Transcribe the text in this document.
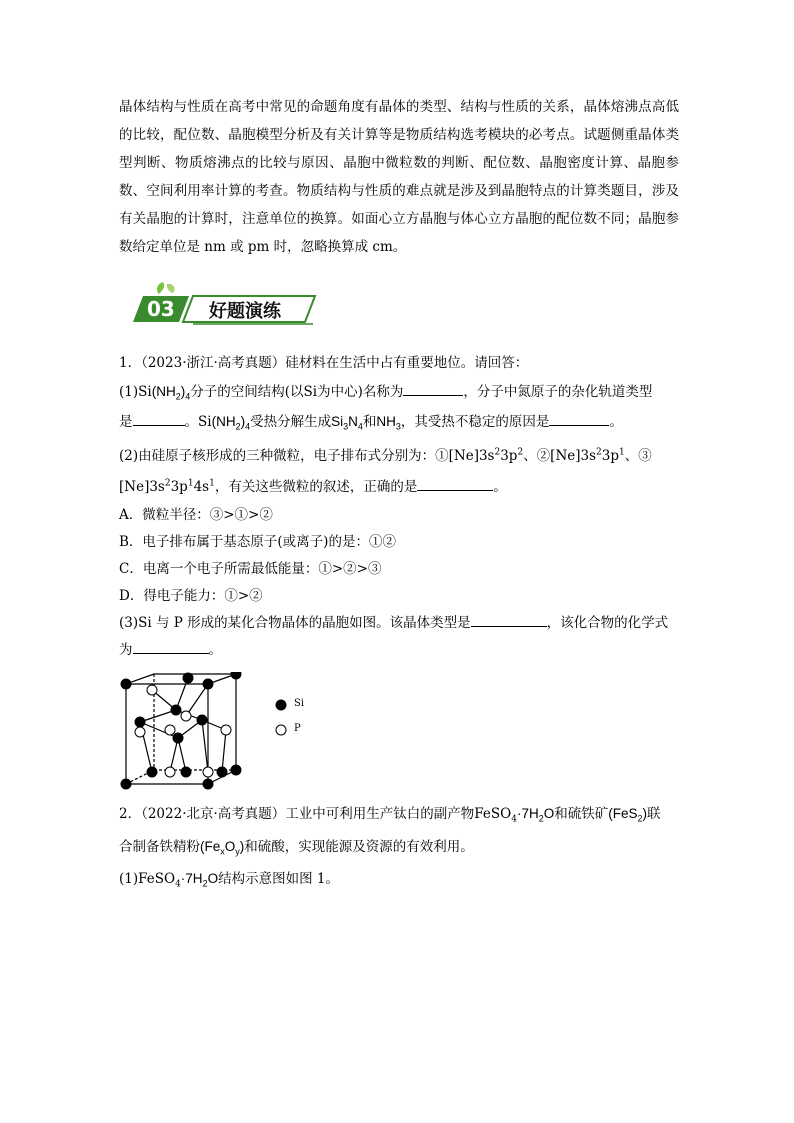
晶体结构与性质在高考中常见的命题角度有晶体的类型、结构与性质的关系，晶体熔沸点高低的比较，配位数、晶胞模型分析及有关计算等是物质结构选考模块的必考点。试题侧重晶体类型判断、物质熔沸点的比较与原因、晶胞中微粒数的判断、配位数、晶胞密度计算、晶胞参数、空间利用率计算的考查。物质结构与性质的难点就是涉及到晶胞特点的计算类题目，涉及有关晶胞的计算时，注意单位的换算。如面心立方晶胞与体心立方晶胞的配位数不同；晶胞参数给定单位是 nm 或 pm 时，忽略换算成 cm。
03 好题演练
1．（2023·浙江·高考真题）硅材料在生活中占有重要地位。请回答：
$(1)Si(NH_2)_4$分子的空间结构(以Si为中心)名称为	，分子中氮原子的杂化轨道类型
是	。$Si(NH_2)_4$受热分解生成$Si_3N_4$和$NH_3$，其受热不稳定的原因是	。
(2)由硅原子核形成的三种微粒，电子排布式分别为：$①[Ne]3s^23p^2$、$②[Ne]3s^23p^1$、③
$[Ne]3s^23p^14s^1$，有关这些微粒的叙述，正确的是	。
A．微粒半径：③>①>②
B．电子排布属于基态原子(或离子)的是：①②
C．电离一个电子所需最低能量：①>②>③
D．得电子能力：①>②
(3)Si 与 P 形成的某化合物晶体的晶胞如图。该晶体类型是	，该化合物的化学式
为	。
Si
P
2．（2022·北京·高考真题）工业中可利用生产钛白的副产物$FeSO_4\cdot 7H_2O$和硫铁矿(FeS$_2$)联
合制备铁精粉$(Fe_xO_y)$和硫酸，实现能源及资源的有效利用。
$(1)FeSO_4\cdot 7H_2O$结构示意图如图 1。
